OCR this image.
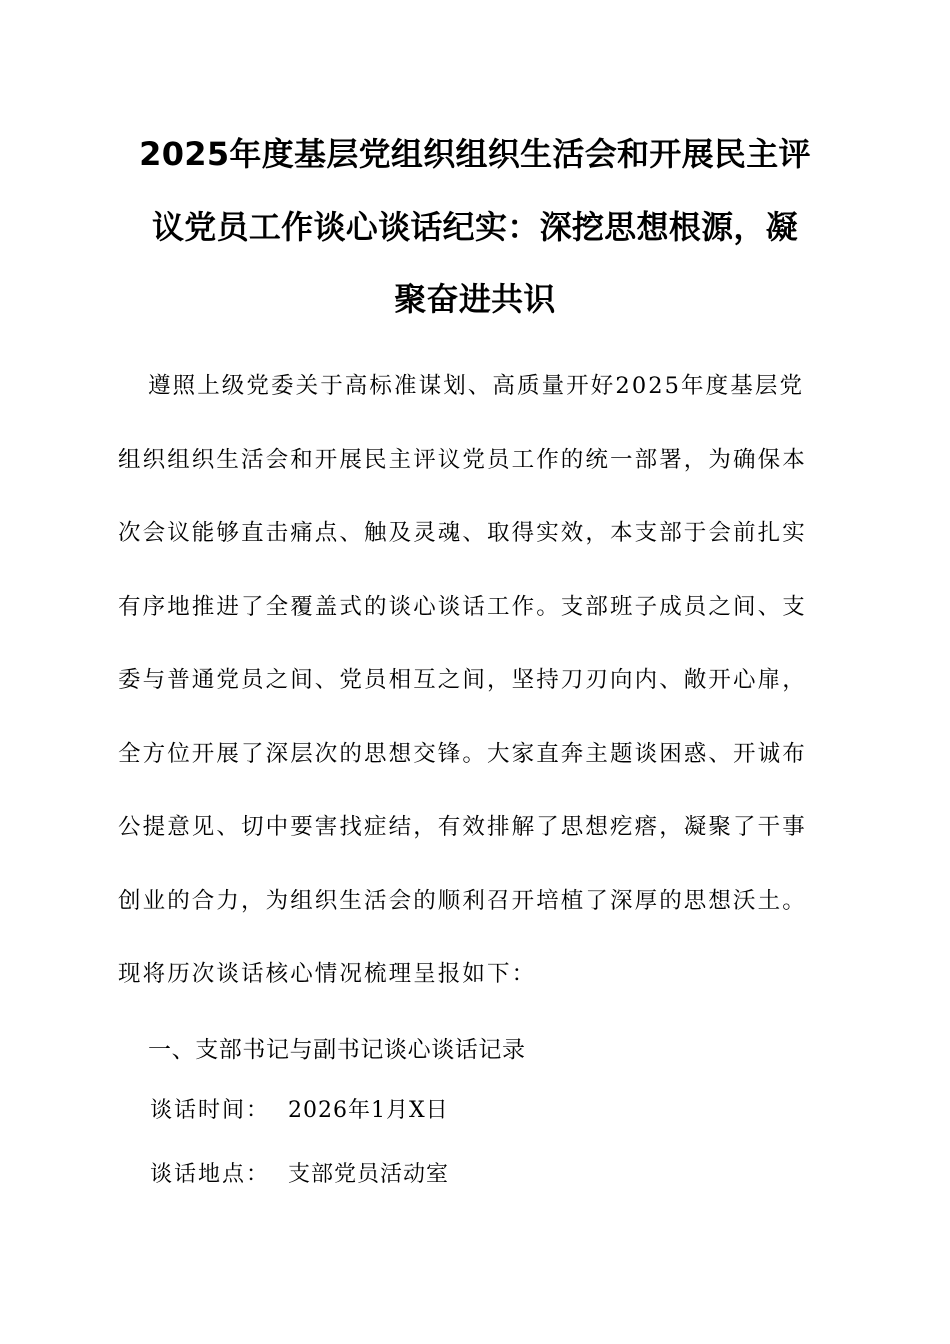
2025年度基层党组织组织生活会和开展民主评
议党员工作谈心谈话纪实：深挖思想根源，凝
聚奋进共识

遵照上级党委关于高标准谋划、高质量开好2025年度基层党
组织组织生活会和开展民主评议党员工作的统一部署，为确保本
次会议能够直击痛点、触及灵魂、取得实效，本支部于会前扎实
有序地推进了全覆盖式的谈心谈话工作。支部班子成员之间、支
委与普通党员之间、党员相互之间，坚持刀刃向内、敞开心扉，
全方位开展了深层次的思想交锋。大家直奔主题谈困惑、开诚布
公提意见、切中要害找症结，有效排解了思想疙瘩，凝聚了干事
创业的合力，为组织生活会的顺利召开培植了深厚的思想沃土。
现将历次谈话核心情况梳理呈报如下：

一、支部书记与副书记谈心谈话记录
谈话时间： 2026年1月X日
谈话地点： 支部党员活动室
